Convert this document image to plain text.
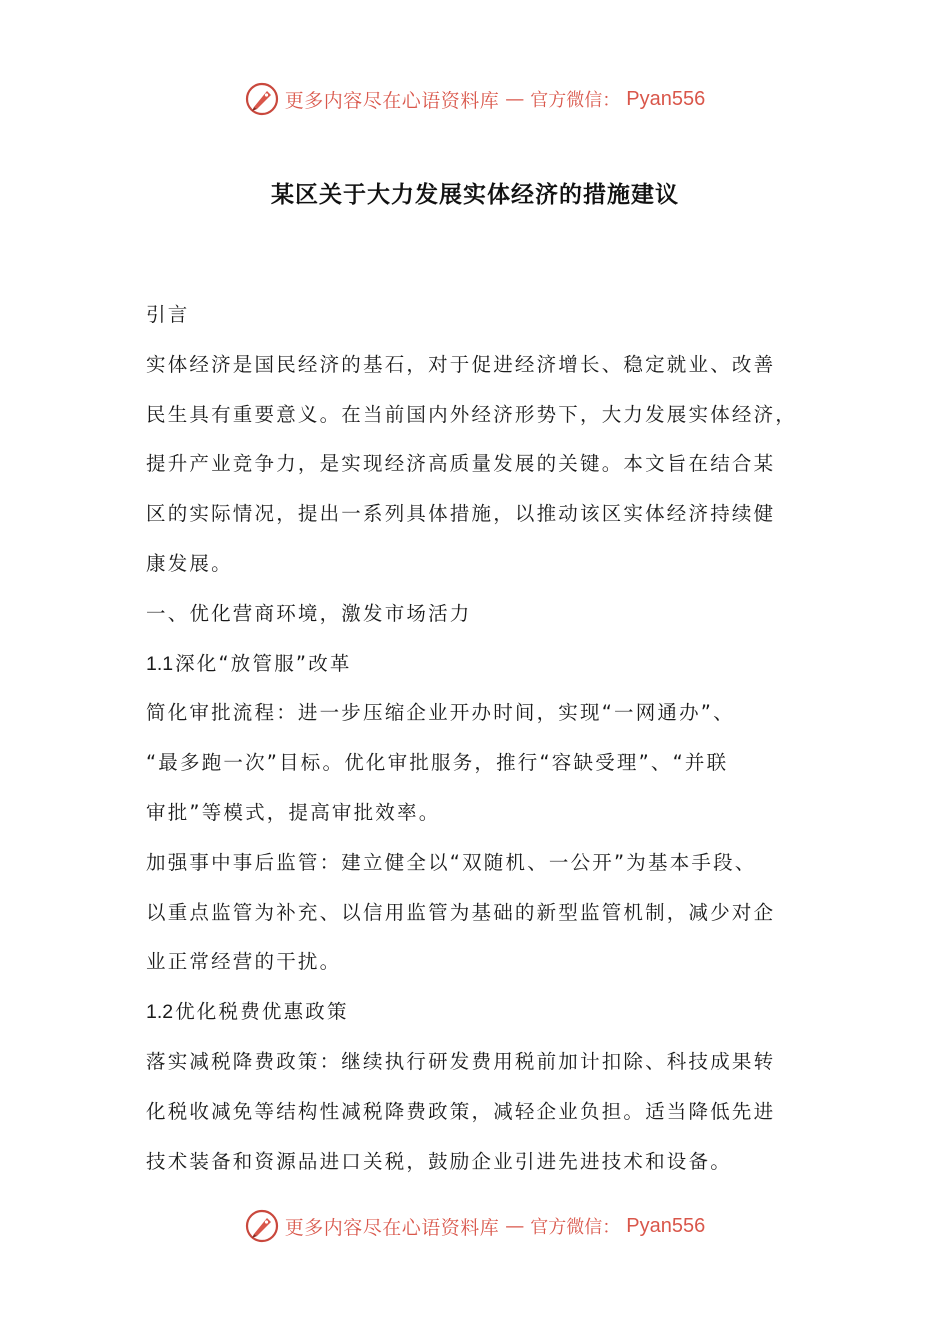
更多内容尽在心语资料库 — 官方微信： Pyan556
某区关于大力发展实体经济的措施建议
引言
实体经济是国民经济的基石，对于促进经济增长、稳定就业、改善
民生具有重要意义。在当前国内外经济形势下，大力发展实体经济，
提升产业竞争力，是实现经济高质量发展的关键。本文旨在结合某
区的实际情况，提出一系列具体措施，以推动该区实体经济持续健
康发展。
一、优化营商环境，激发市场活力
1.1 深化“放管服”改革
简化审批流程：进一步压缩企业开办时间，实现“一网通办”、
“最多跑一次”目标。优化审批服务，推行“容缺受理”、“并联
审批”等模式，提高审批效率。
加强事中事后监管：建立健全以“双随机、一公开”为基本手段、
以重点监管为补充、以信用监管为基础的新型监管机制，减少对企
业正常经营的干扰。
1.2 优化税费优惠政策
落实减税降费政策：继续执行研发费用税前加计扣除、科技成果转
化税收减免等结构性减税降费政策，减轻企业负担。适当降低先进
技术装备和资源品进口关税，鼓励企业引进先进技术和设备。
更多内容尽在心语资料库 — 官方微信： Pyan556
